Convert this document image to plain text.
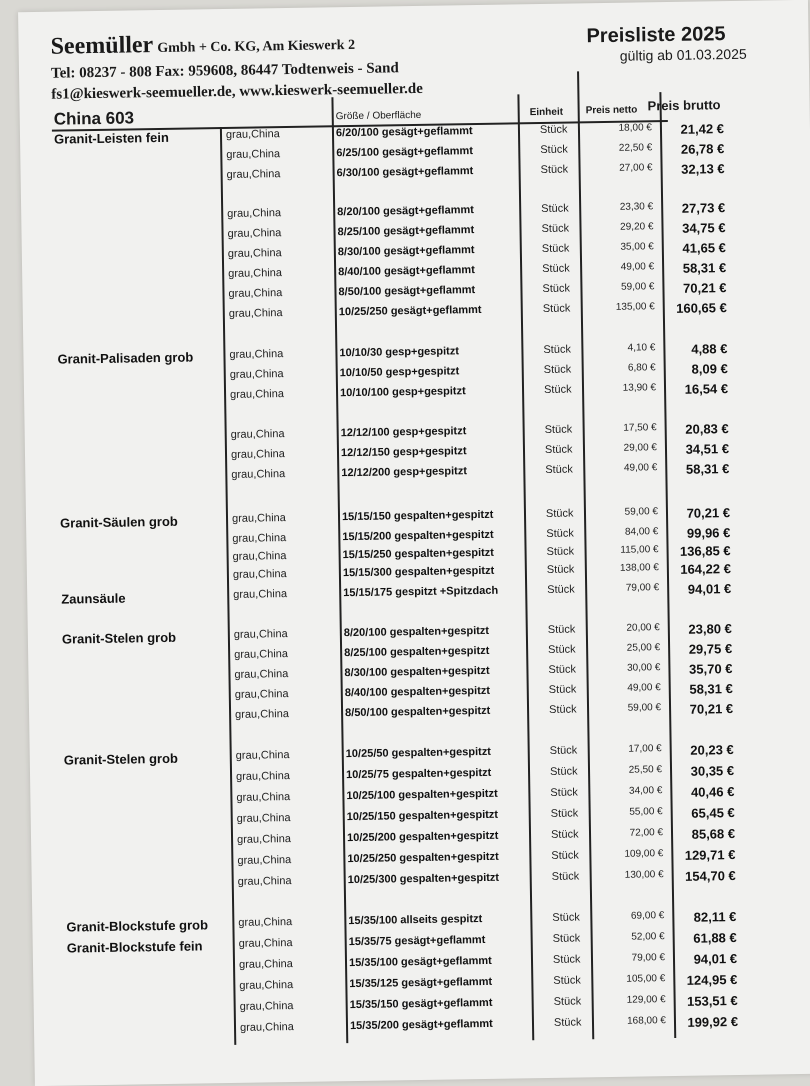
Seemüller Gmbh + Co. KG, Am Kieswerk 2
Tel: 08237 - 808 Fax: 959608, 86447 Todtenweis - Sand
fs1@kieswerk-seemueller.de, www.kieswerk-seemueller.de
Preisliste 2025
gültig ab 01.03.2025
China 603	Größe / Oberfläche	Einheit Preis netto Preis brutto
Granit-Leisten fein	grau,China	6/20/100 gesägt+geflammt	Stück	18,00 € 21,42 €
grau,China	6/25/100 gesägt+geflammt	Stück	22,50 € 26,78 €
grau,China	6/30/100 gesägt+geflammt	Stück	27,00 € 32,13 €
grau,China	8/20/100 gesägt+geflammt	Stück	23,30 € 27,73 €
grau,China	8/25/100 gesägt+geflammt	Stück	29,20 € 34,75 €
grau,China	8/30/100 gesägt+geflammt	Stück	35,00 € 41,65 €
grau,China	8/40/100 gesägt+geflammt	Stück	49,00 € 58,31 €
grau,China	8/50/100 gesägt+geflammt	Stück	59,00 € 70,21 €
grau,China	10/25/250 gesägt+geflammt	Stück	135,00 € 160,65 €
Granit-Palisaden grob	grau,China	10/10/30 gesp+gespitzt	Stück	4,10 €	4,88 €
grau,China	10/10/50 gesp+gespitzt	Stück	6,80 €	8,09 €
grau,China	10/10/100 gesp+gespitzt	Stück	13,90 € 16,54 €
grau,China	12/12/100 gesp+gespitzt	Stück	17,50 € 20,83 €
grau,China	12/12/150 gesp+gespitzt	Stück	29,00 € 34,51 €
grau,China	12/12/200 gesp+gespitzt	Stück	49,00 € 58,31 €
Granit-Säulen grob	grau,China	15/15/150 gespalten+gespitzt	Stück	59,00 € 70,21 €
grau,China	15/15/200 gespalten+gespitzt	Stück	84,00 € 99,96 €
grau,China	15/15/250 gespalten+gespitzt	Stück	115,00 € 136,85 €
grau,China	15/15/300 gespalten+gespitzt	Stück	138,00 € 164,22 €
Zaunsäule	grau,China	15/15/175 gespitzt +Spitzdach	Stück	79,00 € 94,01 €
Granit-Stelen grob	grau,China	8/20/100 gespalten+gespitzt	Stück	20,00 € 23,80 €
grau,China	8/25/100 gespalten+gespitzt	Stück	25,00 € 29,75 €
grau,China	8/30/100 gespalten+gespitzt	Stück	30,00 € 35,70 €
grau,China	8/40/100 gespalten+gespitzt	Stück	49,00 € 58,31 €
grau,China	8/50/100 gespalten+gespitzt	Stück	59,00 € 70,21 €
Granit-Stelen grob	grau,China	10/25/50 gespalten+gespitzt	Stück	17,00 € 20,23 €
grau,China	10/25/75 gespalten+gespitzt	Stück	25,50 € 30,35 €
grau,China	10/25/100 gespalten+gespitzt	Stück	34,00 € 40,46 €
grau,China	10/25/150 gespalten+gespitzt	Stück	55,00 € 65,45 €
grau,China	10/25/200 gespalten+gespitzt	Stück	72,00 € 85,68 €
grau,China	10/25/250 gespalten+gespitzt	Stück	109,00 € 129,71 €
grau,China	10/25/300 gespalten+gespitzt	Stück	130,00 € 154,70 €
Granit-Blockstufe grob	grau,China	15/35/100 allseits gespitzt	Stück	69,00 € 82,11 €
Granit-Blockstufe fein	grau,China	15/35/75 gesägt+geflammt	Stück	52,00 € 61,88 €
grau,China	15/35/100 gesägt+geflammt	Stück	79,00 € 94,01 €
grau,China	15/35/125 gesägt+geflammt	Stück	105,00 € 124,95 €
grau,China	15/35/150 gesägt+geflammt	Stück	129,00 € 153,51 €
grau,China	15/35/200 gesägt+geflammt	Stück	168,00 € 199,92 €
